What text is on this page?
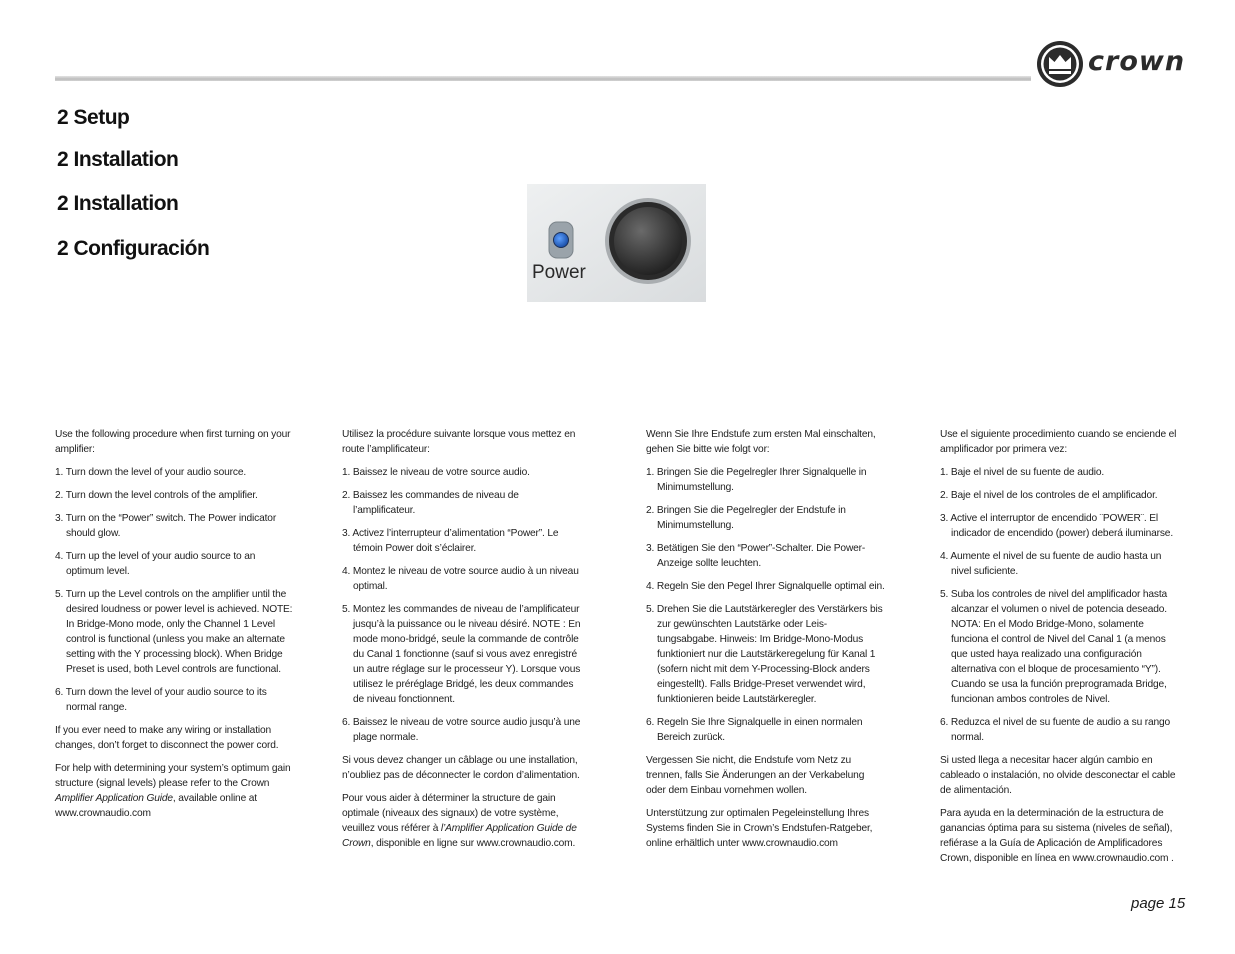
crown
2 Setup
2 Installation
2 Installation
2 Configuración
Power

Use the following procedure when first turning on your amplifier:

1. Turn down the level of your audio source.

2. Turn down the level controls of the amplifier.

3. Turn on the “Power” switch. The Power indicator should glow.

4. Turn up the level of your audio source to an optimum level.

5. Turn up the Level controls on the amplifier until the desired loudness or power level is achieved. NOTE: In Bridge-Mono mode, only the Channel 1 Level control is functional (unless you make an alternate setting with the Y processing block). When Bridge Preset is used, both Level controls are functional.

6. Turn down the level of your audio source to its normal range.

If you ever need to make any wiring or installation changes, don’t forget to disconnect the power cord.

For help with determining your system’s optimum gain structure (signal levels) please refer to the Crown Amplifier Application Guide, available online at www.crownaudio.com

Utilisez la procédure suivante lorsque vous mettez en route l’amplificateur:

1. Baissez le niveau de votre source audio.

2. Baissez les commandes de niveau de l’amplificateur.

3. Activez l’interrupteur d’alimentation “Power”. Le témoin Power doit s’éclairer.

4. Montez le niveau de votre source audio à un niveau optimal.

5. Montez les commandes de niveau de l’amplificateur jusqu’à la puissance ou le niveau désiré. NOTE : En mode mono-bridgé, seule la commande de contrôle du Canal 1 fonctionne (sauf si vous avez enregistré un autre réglage sur le processeur Y). Lorsque vous utilisez le préréglage Bridgé, les deux commandes de niveau fonctionnent.

6. Baissez le niveau de votre source audio jusqu’à une plage normale.

Si vous devez changer un câblage ou une installation, n’oubliez pas de déconnecter le cordon d’alimentation.

Pour vous aider à déterminer la structure de gain optimale (niveaux des signaux) de votre système, veuillez vous référer à l’Amplifier Application Guide de Crown, disponible en ligne sur www.crownaudio.com.

Wenn Sie Ihre Endstufe zum ersten Mal einschalten, gehen Sie bitte wie folgt vor:

1. Bringen Sie die Pegelregler Ihrer Signalquelle in Minimumstellung.

2. Bringen Sie die Pegelregler der Endstufe in Minimumstellung.

3. Betätigen Sie den “Power”-Schalter. Die Power-Anzeige sollte leuchten.

4. Regeln Sie den Pegel Ihrer Signalquelle optimal ein.

5. Drehen Sie die Lautstärkeregler des Verstärkers bis zur gewünschten Lautstärke oder Leis-tungsabgabe. Hinweis: Im Bridge-Mono-Modus funktioniert nur die Lautstärkeregelung für Kanal 1 (sofern nicht mit dem Y-Processing-Block anders eingestellt). Falls Bridge-Preset verwendet wird, funktionieren beide Lautstärkeregler.

6. Regeln Sie Ihre Signalquelle in einen normalen Bereich zurück.

Vergessen Sie nicht, die Endstufe vom Netz zu trennen, falls Sie Änderungen an der Verkabelung oder dem Einbau vornehmen wollen.

Unterstützung zur optimalen Pegeleinstellung Ihres Systems finden Sie in Crown’s Endstufen-Ratgeber, online erhältlich unter www.crownaudio.com

Use el siguiente procedimiento cuando se enciende el amplificador por primera vez:

1. Baje el nivel de su fuente de audio.

2. Baje el nivel de los controles de el amplificador.

3. Active el interruptor de encendido ¨POWER¨. El indicador de encendido (power) deberá iluminarse.

4. Aumente el nivel de su fuente de audio hasta un nivel suficiente.

5. Suba los controles de nivel del amplificador hasta alcanzar el volumen o nivel de potencia deseado. NOTA: En el Modo Bridge-Mono, solamente funciona el control de Nivel del Canal 1 (a menos que usted haya realizado una configuración alternativa con el bloque de procesamiento “Y”). Cuando se usa la función preprogramada Bridge, funcionan ambos controles de Nivel.

6. Reduzca el nivel de su fuente de audio a su rango normal.

Si usted llega a necesitar hacer algún cambio en cableado o instalación, no olvide desconectar el cable de alimentación.

Para ayuda en la determinación de la estructura de ganancias óptima para su sistema (niveles de señal), refiérase a la Guía de Aplicación de Amplificadores Crown, disponible en línea en www.crownaudio.com .

page 15
